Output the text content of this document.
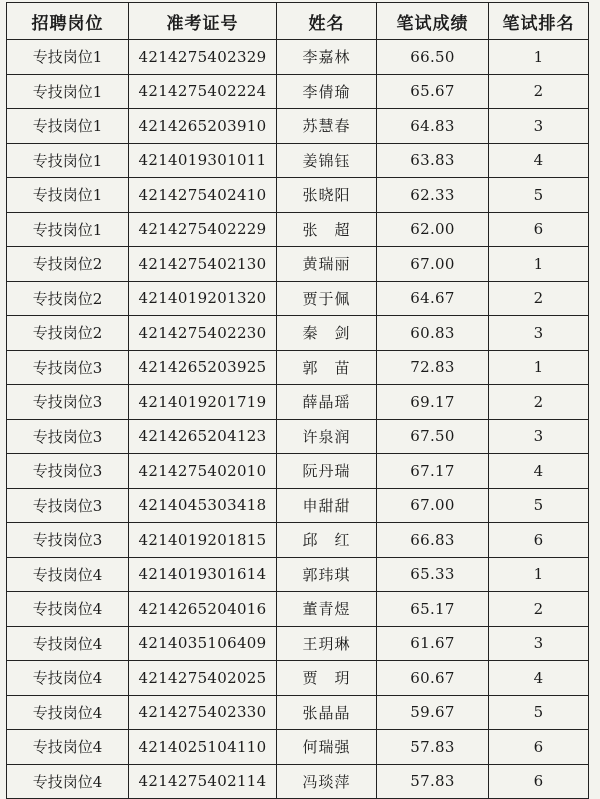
招聘岗位	准考证号	姓名	笔试成绩	笔试排名
专技岗位1	4214275402329	李嘉林	66.50	1
专技岗位1	4214275402224	李倩瑜	65.67	2
专技岗位1	4214265203910	苏慧春	64.83	3
专技岗位1	4214019301011	姜锦钰	63.83	4
专技岗位1	4214275402410	张晓阳	62.33	5
专技岗位1	4214275402229	张　超	62.00	6
专技岗位2	4214275402130	黄瑞丽	67.00	1
专技岗位2	4214019201320	贾于佩	64.67	2
专技岗位2	4214275402230	秦　剑	60.83	3
专技岗位3	4214265203925	郭　苗	72.83	1
专技岗位3	4214019201719	薛晶瑶	69.17	2
专技岗位3	4214265204123	许泉润	67.50	3
专技岗位3	4214275402010	阮丹瑞	67.17	4
专技岗位3	4214045303418	申甜甜	67.00	5
专技岗位3	4214019201815	邱　红	66.83	6
专技岗位4	4214019301614	郭玮琪	65.33	1
专技岗位4	4214265204016	董青煜	65.17	2
专技岗位4	4214035106409	王玥琳	61.67	3
专技岗位4	4214275402025	贾　玥	60.67	4
专技岗位4	4214275402330	张晶晶	59.67	5
专技岗位4	4214025104110	何瑞强	57.83	6
专技岗位4	4214275402114	冯琰萍	57.83	6
